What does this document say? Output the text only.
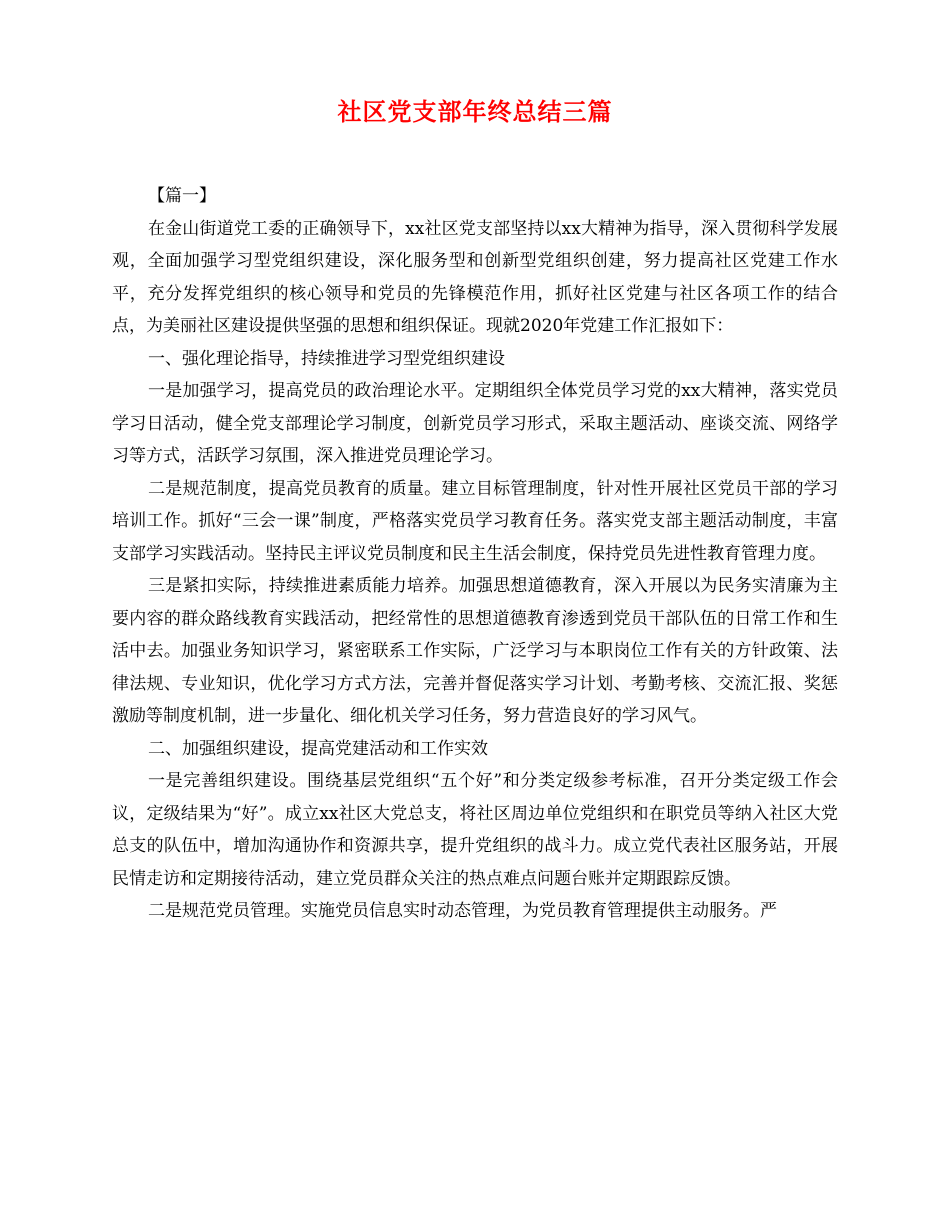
社区党支部年终总结三篇

【篇一】

在金山街道党工委的正确领导下，xx社区党支部坚持以xx大精神为指导，深入贯彻科学发展观，全面加强学习型党组织建设，深化服务型和创新型党组织创建，努力提高社区党建工作水平，充分发挥党组织的核心领导和党员的先锋模范作用，抓好社区党建与社区各项工作的结合点，为美丽社区建设提供坚强的思想和组织保证。现就2020年党建工作汇报如下：

一、强化理论指导，持续推进学习型党组织建设

一是加强学习，提高党员的政治理论水平。定期组织全体党员学习党的xx大精神，落实党员学习日活动，健全党支部理论学习制度，创新党员学习形式，采取主题活动、座谈交流、网络学习等方式，活跃学习氛围，深入推进党员理论学习。

二是规范制度，提高党员教育的质量。建立目标管理制度，针对性开展社区党员干部的学习培训工作。抓好“三会一课”制度，严格落实党员学习教育任务。落实党支部主题活动制度，丰富支部学习实践活动。坚持民主评议党员制度和民主生活会制度，保持党员先进性教育管理力度。

三是紧扣实际，持续推进素质能力培养。加强思想道德教育，深入开展以为民务实清廉为主要内容的群众路线教育实践活动，把经常性的思想道德教育渗透到党员干部队伍的日常工作和生活中去。加强业务知识学习，紧密联系工作实际，广泛学习与本职岗位工作有关的方针政策、法律法规、专业知识，优化学习方式方法，完善并督促落实学习计划、考勤考核、交流汇报、奖惩激励等制度机制，进一步量化、细化机关学习任务，努力营造良好的学习风气。

二、加强组织建设，提高党建活动和工作实效

一是完善组织建设。围绕基层党组织“五个好”和分类定级参考标准，召开分类定级工作会议，定级结果为“好”。成立xx社区大党总支，将社区周边单位党组织和在职党员等纳入社区大党总支的队伍中，增加沟通协作和资源共享，提升党组织的战斗力。成立党代表社区服务站，开展民情走访和定期接待活动，建立党员群众关注的热点难点问题台账并定期跟踪反馈。

二是规范党员管理。实施党员信息实时动态管理，为党员教育管理提供主动服务。严
